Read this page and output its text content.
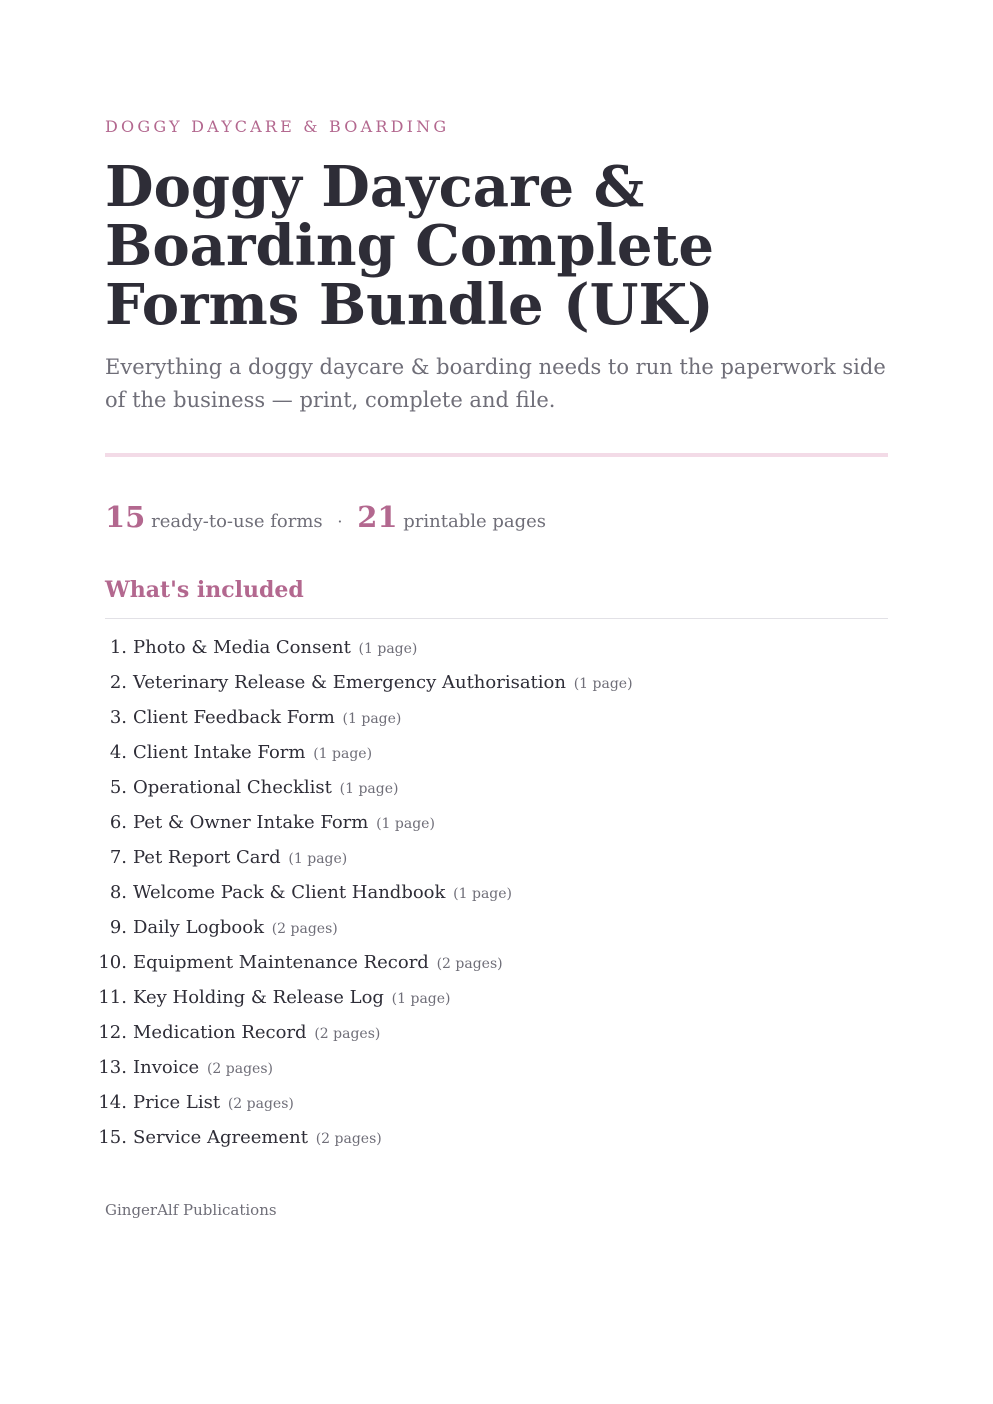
DOGGY DAYCARE & BOARDING
Doggy Daycare & Boarding Complete Forms Bundle (UK)

Everything a doggy daycare & boarding needs to run the paperwork side of the business — print, complete and file.

15 ready-to-use forms · 21 printable pages
What's included
1. Photo & Media Consent (1 page)
2. Veterinary Release & Emergency Authorisation (1 page)
3. Client Feedback Form (1 page)
4. Client Intake Form (1 page)
5. Operational Checklist (1 page)
6. Pet & Owner Intake Form (1 page)
7. Pet Report Card (1 page)
8. Welcome Pack & Client Handbook (1 page)
9. Daily Logbook (2 pages)
10. Equipment Maintenance Record (2 pages)
11. Key Holding & Release Log (1 page)
12. Medication Record (2 pages)
13. Invoice (2 pages)
14. Price List (2 pages)
15. Service Agreement (2 pages)
GingerAlf Publications
